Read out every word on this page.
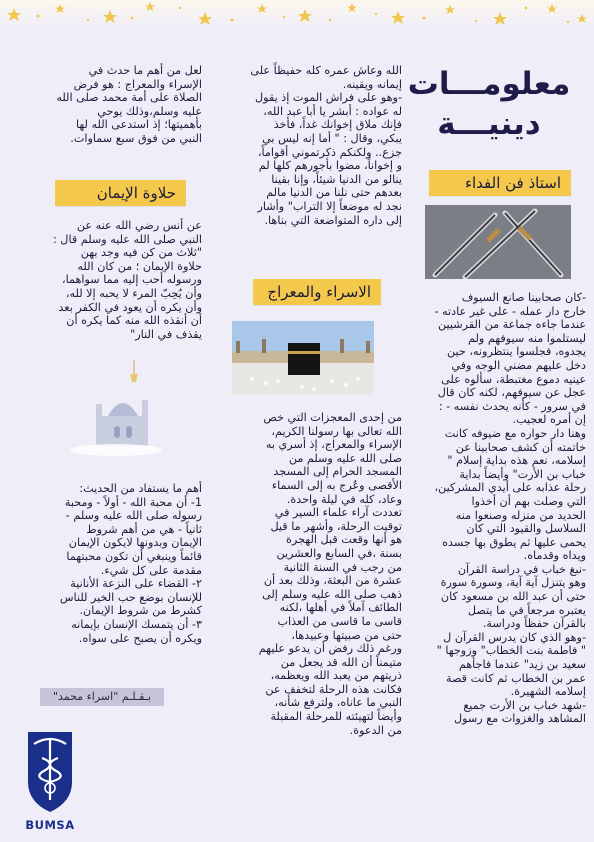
معلومـــات
دينيـــة
استاذ فن الفداء

-كان صحابينا صانع السيوف

خارج دار عمله - على غير عادته -

عندما جاءه جماعة من القرشيين

ليستلموا منه سيوفهم ولم

يجدوه، فجلسوا ينتظرونه، حين

دخل عليهم مضني الوجه وفي

عينيه دموع مغتبطة، سألوه على

عجل عن سيوفهم، لكنه كان قال

في سرور - كأنه يحدث نفسه - :

إن أمره لعجيب.

وهنا دار حواره مع ضيوفه كانت

خاتمته أن كشف صحابينا عن

إسلامه، نعم هذه بداية إسلام "

خباب بن الأرت" وأيضاً بداية

رحلة عذابه على أيدي المشركين،

التي وصلت بهم أن أخذوا

الحديد من منزله وصنعوا منه

السلاسل والقيود التي كان

يحمى عليها ثم يطوق بها جسده

ويداه وقدماه.

-نبغ خباب في دراسة القرآن

وهو يتنزل آية آية، وسورة سورة

حتى أن عبد الله بن مسعود كان

يعتبره مرجعاً في ما يتصل

بالقرآن حفظاً ودراسة.

-وهو الذي كان يدرس القرآن ل

" فاطمة بنت الخطاب" وزوجها "

سعيد بن زيد" عندما فاجأهم

عمر بن الخطاب ثم كانت قصة

إسلامه الشهيرة.

-شهد خباب بن الأرت جميع

المشاهد والغزوات مع رسول

الله وعاش عمره كله حفيظاً على

إيمانه ويقينه.

-وهو على فراش الموت إذ يقول

له عواده : أبشر يا أبا عبد الله،

فإنك ملاق إخوانك غداً، فأخذ

يبكي، وقال : " أما إنه ليس بي

جزع.. ولكنكم ذكرتموني أقواماً،

و إخواناً، مضوا بأجورهم كلها لم

ينالو من الدنيا شيئاً، وإنا بقينا

بعدهم حتى نلنا من الدنيا مالم

نجد له موضعاً إلا التراب" وأشار

إلى داره المتواضعة التي بناها.

الاسراء والمعراج

من إحدى المعجزات التي خص

الله تعالى بها رسولنا الكريم،

الإسراء والمعراج، إذ أسري به

صلى الله عليه وسلم من

المسجد الحرام إلى المسجد

الأقصى وعُرج به إلى السماء

وعاد، كله في ليلة واحدة.

تعددت آراء علماء السير في

توقيت الرحلة، وأشهر ما قيل

هو أنها وقعت قبل الهجرة

بسنة ،في السابع والعشرين

من رجب في السنة الثانية

عشرة من البعثة، وذلك بعد أن

ذهب صلى الله عليه وسلم إلى

الطائف آملاً في أهلها ،لكنه

قاسى ما قاسى من العذاب

حتى من صبيتها وعبيدها،

ورغم ذلك رفض أن يدعو عليهم

متيمناً أن الله قد يجعل من

ذريتهم من يعبد الله ويعظمه،

فكانت هذه الرحلة لتخفف عن

النبي ما عاناه، ولترفع شأنه،

وأيضاً لتهيئته للمرحلة المقبلة

من الدعوة.

لعل من أهم ما حدث في

الإسراء والمعراج : هو فرض

الصلاة على أمة محمد صلى الله

عليه وسلم،وذلك يوحي

بأهميتها؛ إذ استدعى الله لها

النبي من فوق سبع سماوات.

حلاوة الإيمان

عن أنس رضي الله عنه عن

النبي صلى الله عليه وسلم قال :

"ثلاث من كن فيه وجد بهن

حلاوة الإيمان ؛ من كان الله

ورسوله أحب إليه مما سواهما،

وأن يُحِبّ المرء لا يحبه إلا لله،

وأن يكره أن يعود في الكفر بعد

أن أنقذه الله منه كما يكره أن

يقذف في النار"

أهم ما يستفاد من الحديث:

1- أن محبة الله - أولاً - ومحبة

رسوله صلى الله عليه وسلم -

ثانياً - هي من أهم شروط

الإيمان وبدونها لايكون الإيمان

قائماً وينبغي أن تكون محبتهما

مقدمة على كل شيء.

٢- القضاء على النزعة الأنانية

للإنسان بوضع حب الخير للناس

كشرط من شروط الإيمان.

٣- أن يتمسك الإنسان بإيمانه

ويكره أن يصبح على سواه.

بـقـلـم "اسراء محمد"
BUMSA
